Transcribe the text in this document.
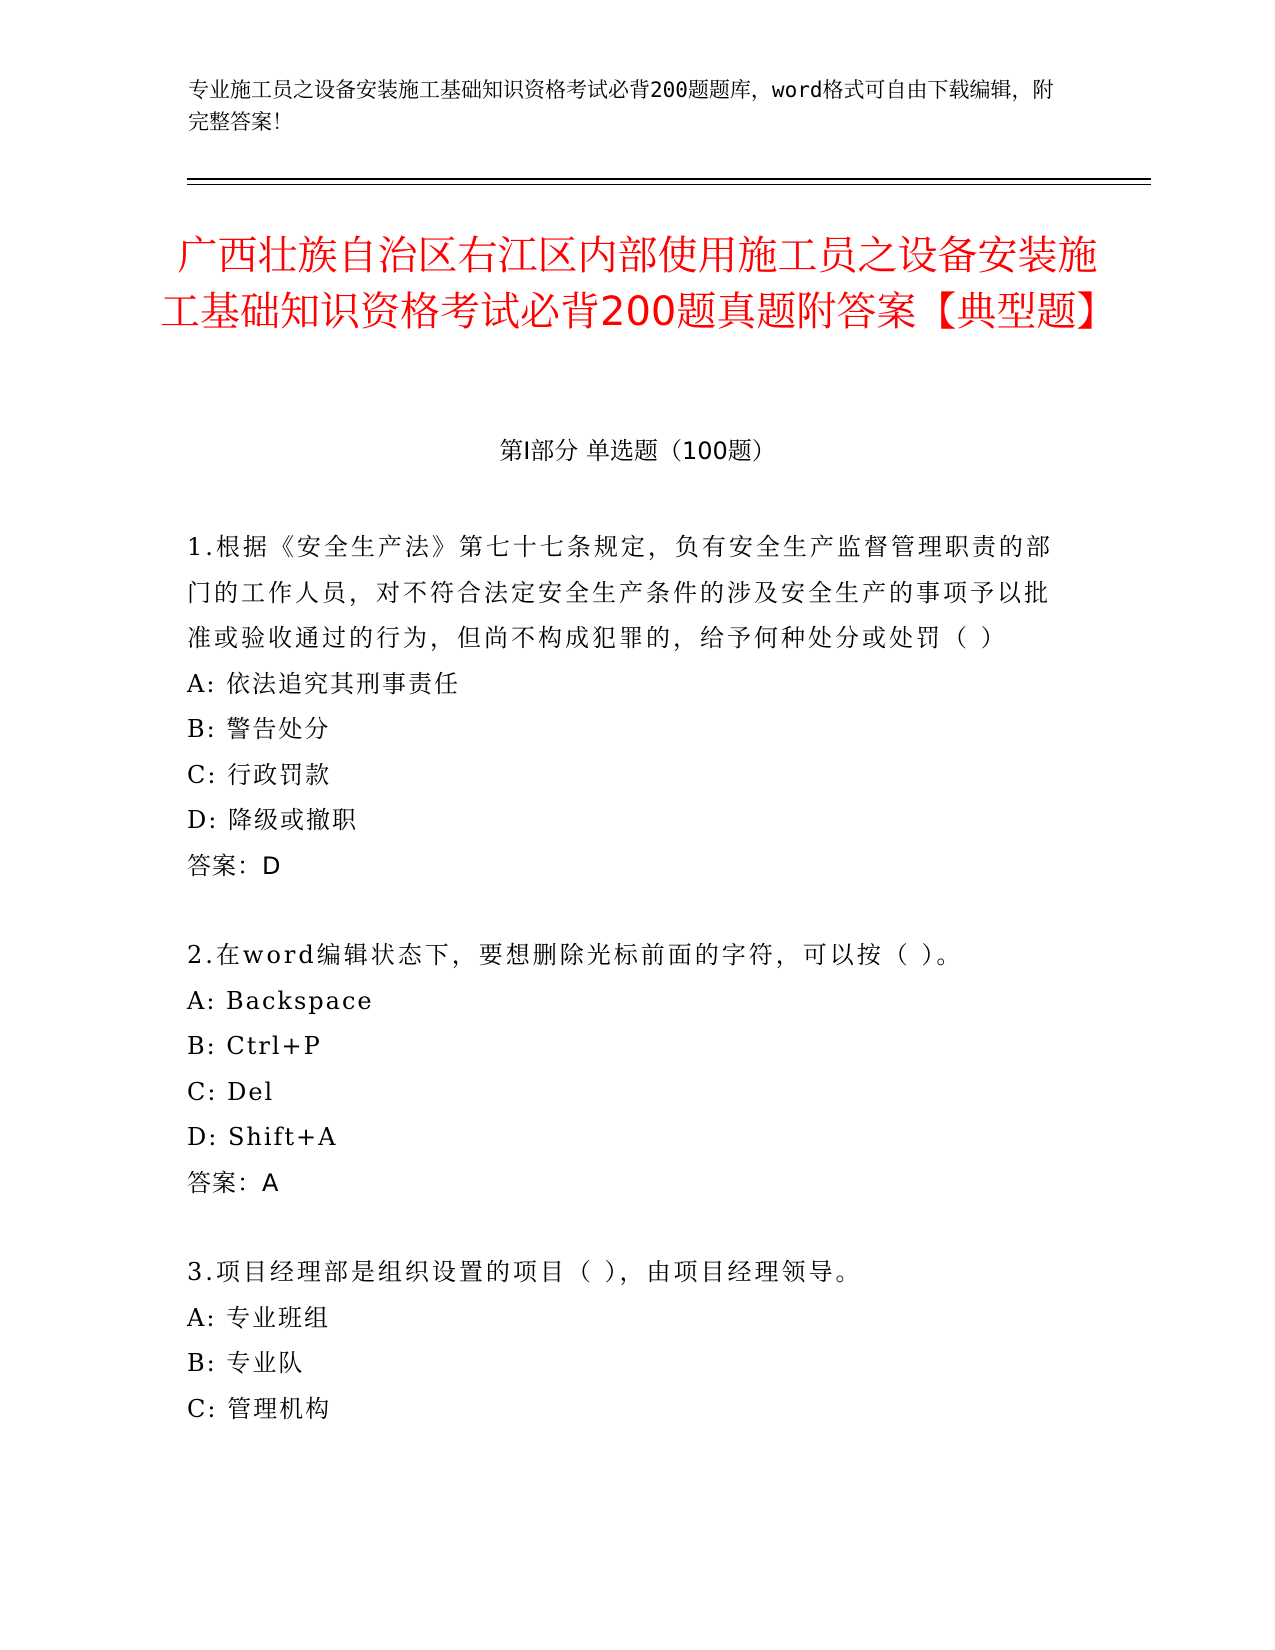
专业施工员之设备安装施工基础知识资格考试必背200题题库，word格式可自由下载编辑，附完整答案！
广西壮族自治区右江区内部使用施工员之设备安装施工基础知识资格考试必背200题真题附答案【典型题】
第Ⅰ部分 单选题（100题）
1.根据《安全生产法》第七十七条规定，负有安全生产监督管理职责的部门的工作人员，对不符合法定安全生产条件的涉及安全生产的事项予以批准或验收通过的行为，但尚不构成犯罪的，给予何种处分或处罚（ ）
A: 依法追究其刑事责任
B: 警告处分
C: 行政罚款
D: 降级或撤职
答案：D
2.在word编辑状态下，要想删除光标前面的字符，可以按（ ）。
A: Backspace
B: Ctrl+P
C: Del
D: Shift+A
答案：A
3.项目经理部是组织设置的项目（ ），由项目经理领导。
A: 专业班组
B: 专业队
C: 管理机构
